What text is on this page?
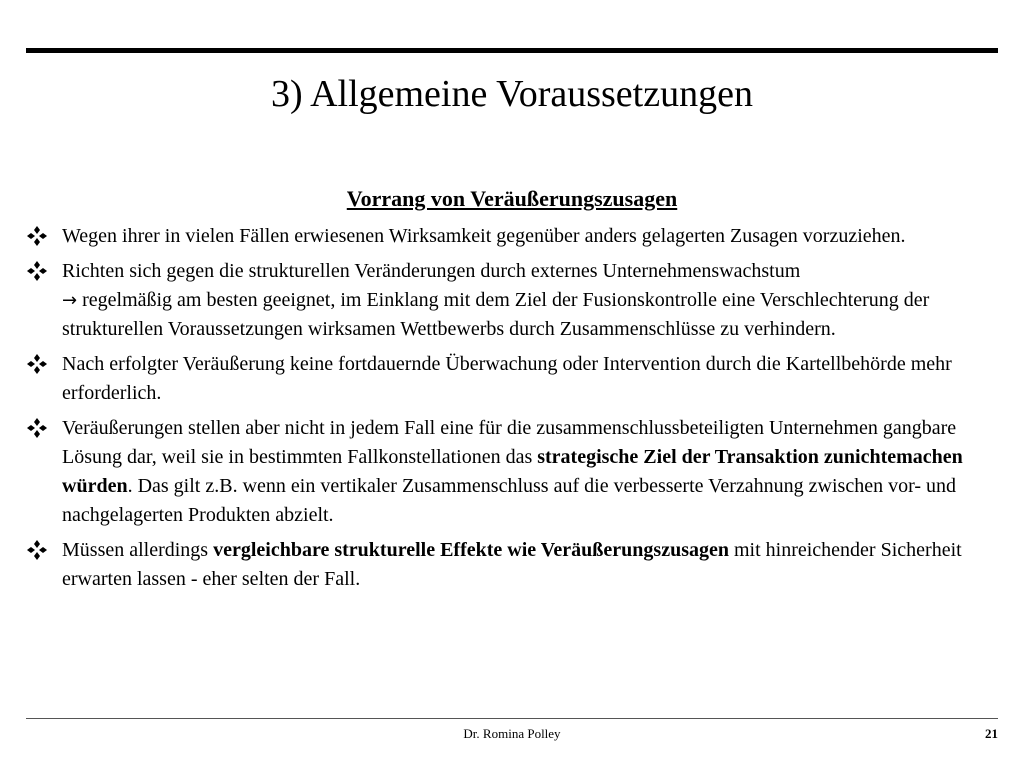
3) Allgemeine Voraussetzungen
Vorrang von Veräußerungszusagen
Wegen ihrer in vielen Fällen erwiesenen Wirksamkeit gegenüber anders gelagerten Zusagen vorzuziehen.
Richten sich gegen die strukturellen Veränderungen durch externes Unternehmenswachstum
→ regelmäßig am besten geeignet, im Einklang mit dem Ziel der Fusionskontrolle eine Verschlechterung der strukturellen Voraussetzungen wirksamen Wettbewerbs durch Zusammenschlüsse zu verhindern.
Nach erfolgter Veräußerung keine fortdauernde Überwachung oder Intervention durch die Kartellbehörde mehr erforderlich.
Veräußerungen stellen aber nicht in jedem Fall eine für die zusammenschlussbeteiligten Unternehmen gangbare Lösung dar, weil sie in bestimmten Fallkonstellationen das strategische Ziel der Transaktion zunichtemachen würden. Das gilt z.B. wenn ein vertikaler Zusammenschluss auf die verbesserte Verzahnung zwischen vor- und nachgelagerten Produkten abzielt.
Müssen allerdings vergleichbare strukturelle Effekte wie Veräußerungszusagen mit hinreichender Sicherheit erwarten lassen - eher selten der Fall.
Dr. Romina Polley	21
